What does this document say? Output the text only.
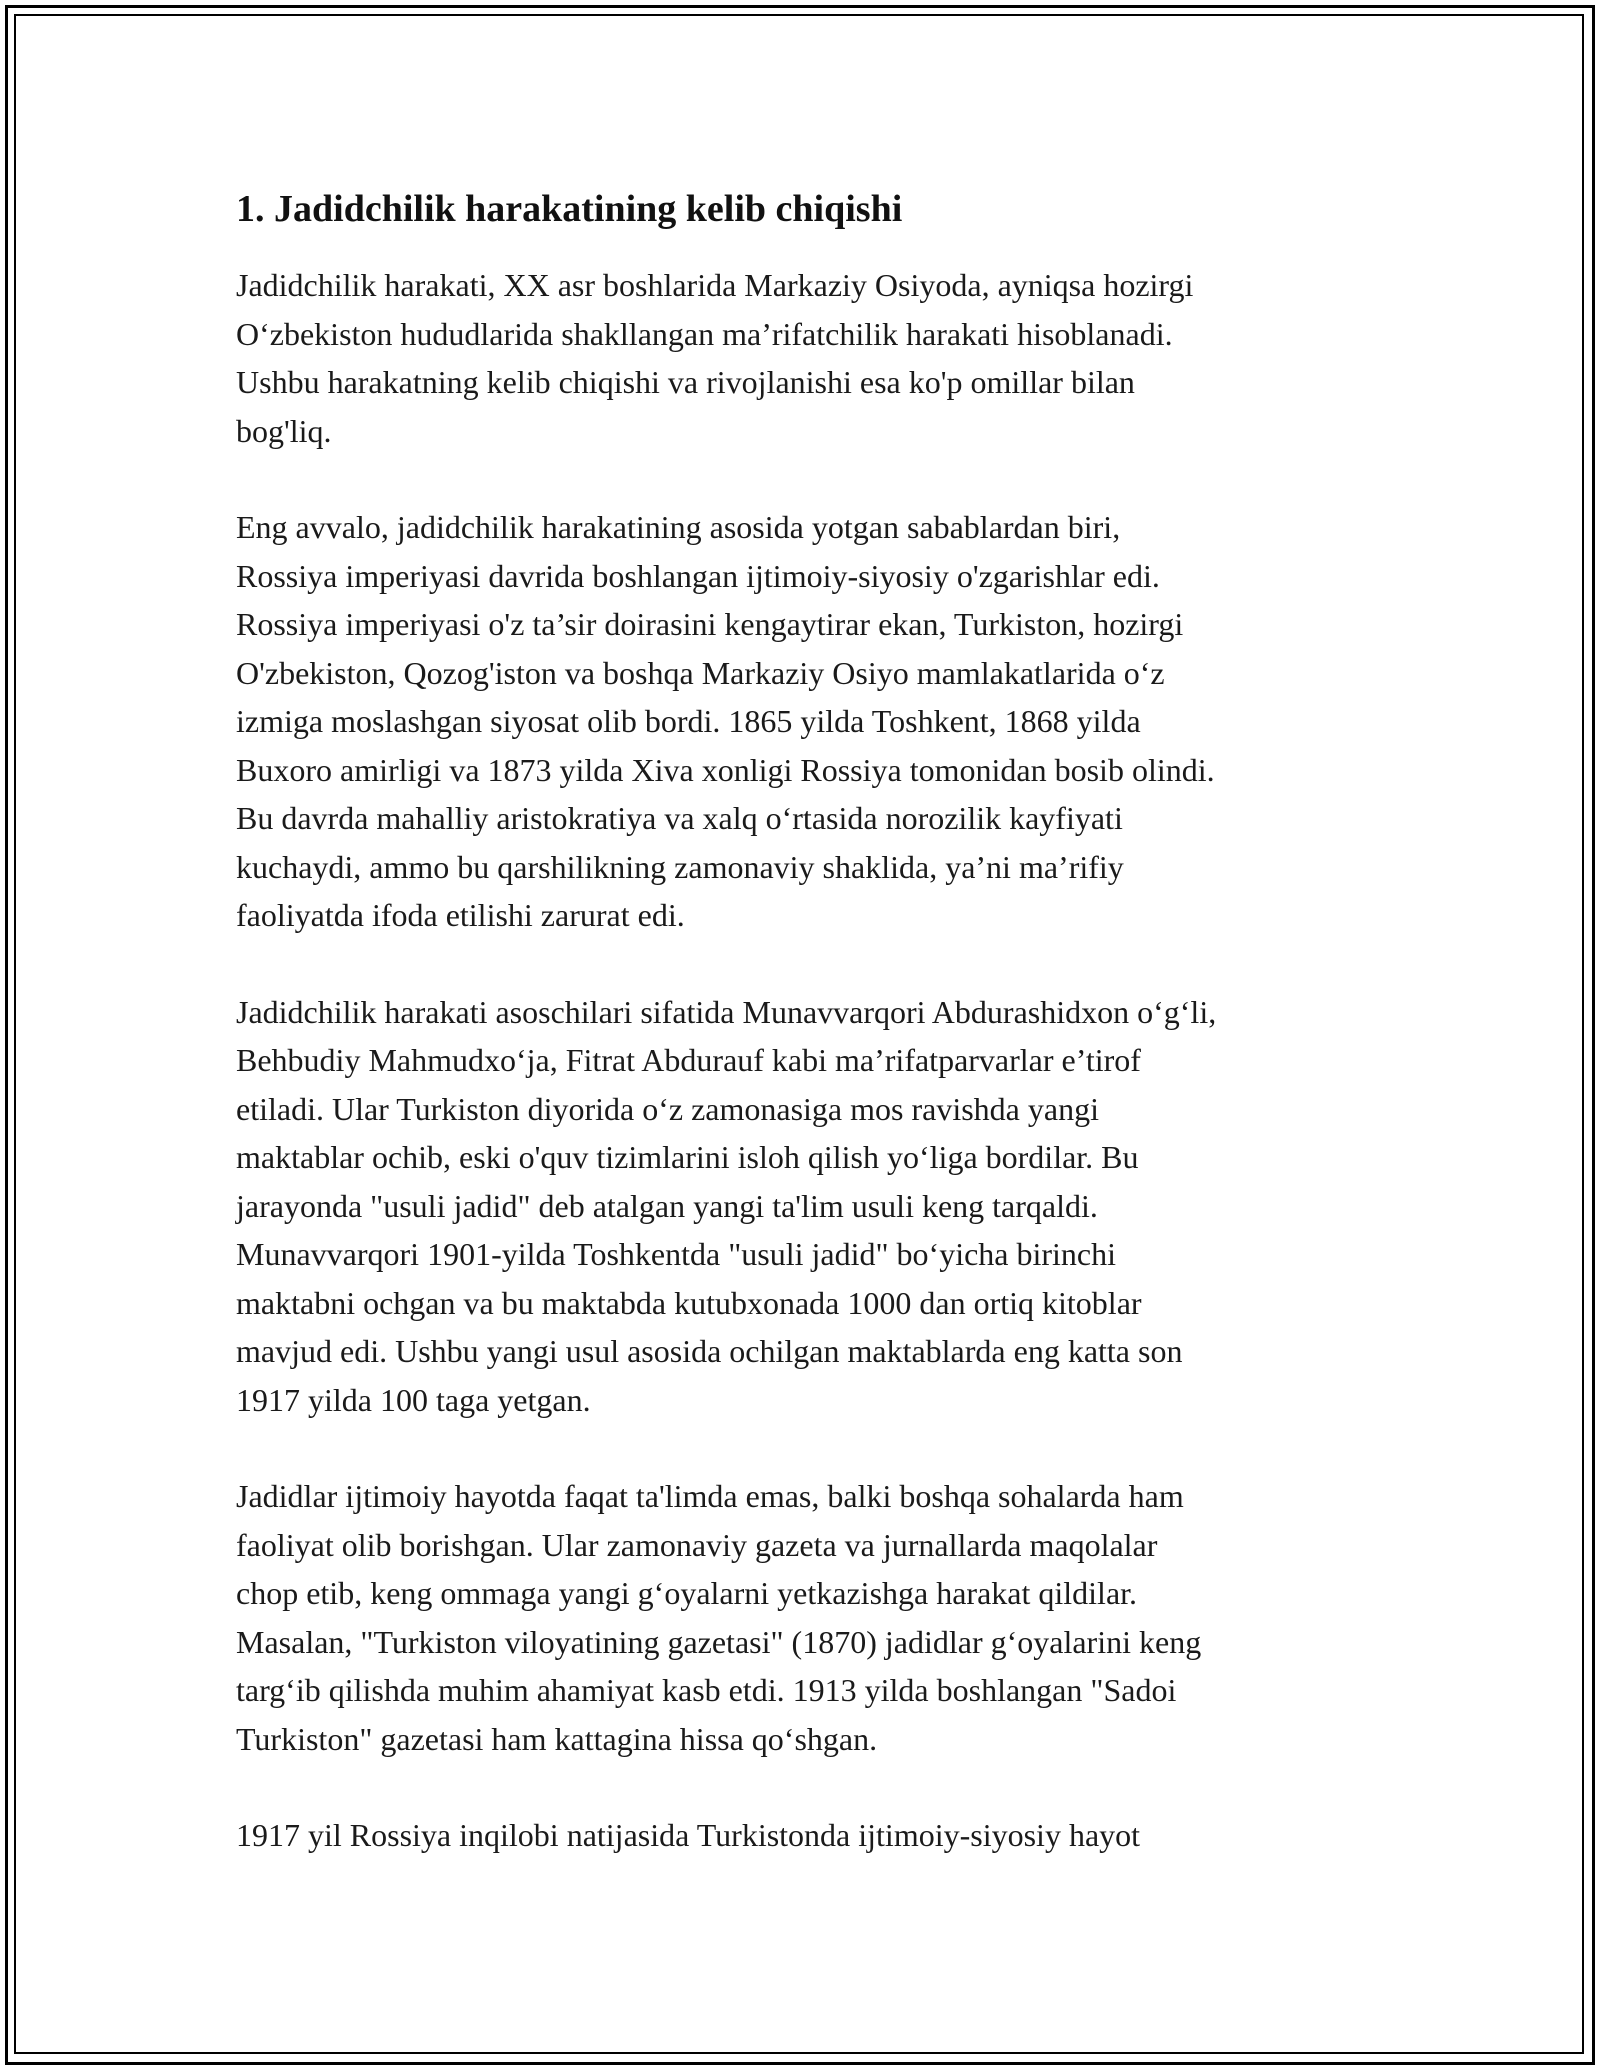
1. Jadidchilik harakatining kelib chiqishi
Jadidchilik harakati, XX asr boshlarida Markaziy Osiyoda, ayniqsa hozirgi
O‘zbekiston hududlarida shakllangan ma’rifatchilik harakati hisoblanadi.
Ushbu harakatning kelib chiqishi va rivojlanishi esa ko'p omillar bilan
bog'liq.
Eng avvalo, jadidchilik harakatining asosida yotgan sabablardan biri,
Rossiya imperiyasi davrida boshlangan ijtimoiy-siyosiy o'zgarishlar edi.
Rossiya imperiyasi o'z ta’sir doirasini kengaytirar ekan, Turkiston, hozirgi
O'zbekiston, Qozog'iston va boshqa Markaziy Osiyo mamlakatlarida o‘z
izmiga moslashgan siyosat olib bordi. 1865 yilda Toshkent, 1868 yilda
Buxoro amirligi va 1873 yilda Xiva xonligi Rossiya tomonidan bosib olindi.
Bu davrda mahalliy aristokratiya va xalq o‘rtasida norozilik kayfiyati
kuchaydi, ammo bu qarshilikning zamonaviy shaklida, ya’ni ma’rifiy
faoliyatda ifoda etilishi zarurat edi.
Jadidchilik harakati asoschilari sifatida Munavvarqori Abdurashidxon o‘g‘li,
Behbudiy Mahmudxo‘ja, Fitrat Abdurauf kabi ma’rifatparvarlar e’tirof
etiladi. Ular Turkiston diyorida o‘z zamonasiga mos ravishda yangi
maktablar ochib, eski o'quv tizimlarini isloh qilish yo‘liga bordilar. Bu
jarayonda "usuli jadid" deb atalgan yangi ta'lim usuli keng tarqaldi.
Munavvarqori 1901-yilda Toshkentda "usuli jadid" bo‘yicha birinchi
maktabni ochgan va bu maktabda kutubxonada 1000 dan ortiq kitoblar
mavjud edi. Ushbu yangi usul asosida ochilgan maktablarda eng katta son
1917 yilda 100 taga yetgan.
Jadidlar ijtimoiy hayotda faqat ta'limda emas, balki boshqa sohalarda ham
faoliyat olib borishgan. Ular zamonaviy gazeta va jurnallarda maqolalar
chop etib, keng ommaga yangi g‘oyalarni yetkazishga harakat qildilar.
Masalan, "Turkiston viloyatining gazetasi" (1870) jadidlar g‘oyalarini keng
targ‘ib qilishda muhim ahamiyat kasb etdi. 1913 yilda boshlangan "Sadoi
Turkiston" gazetasi ham kattagina hissa qo‘shgan.
1917 yil Rossiya inqilobi natijasida Turkistonda ijtimoiy-siyosiy hayot
